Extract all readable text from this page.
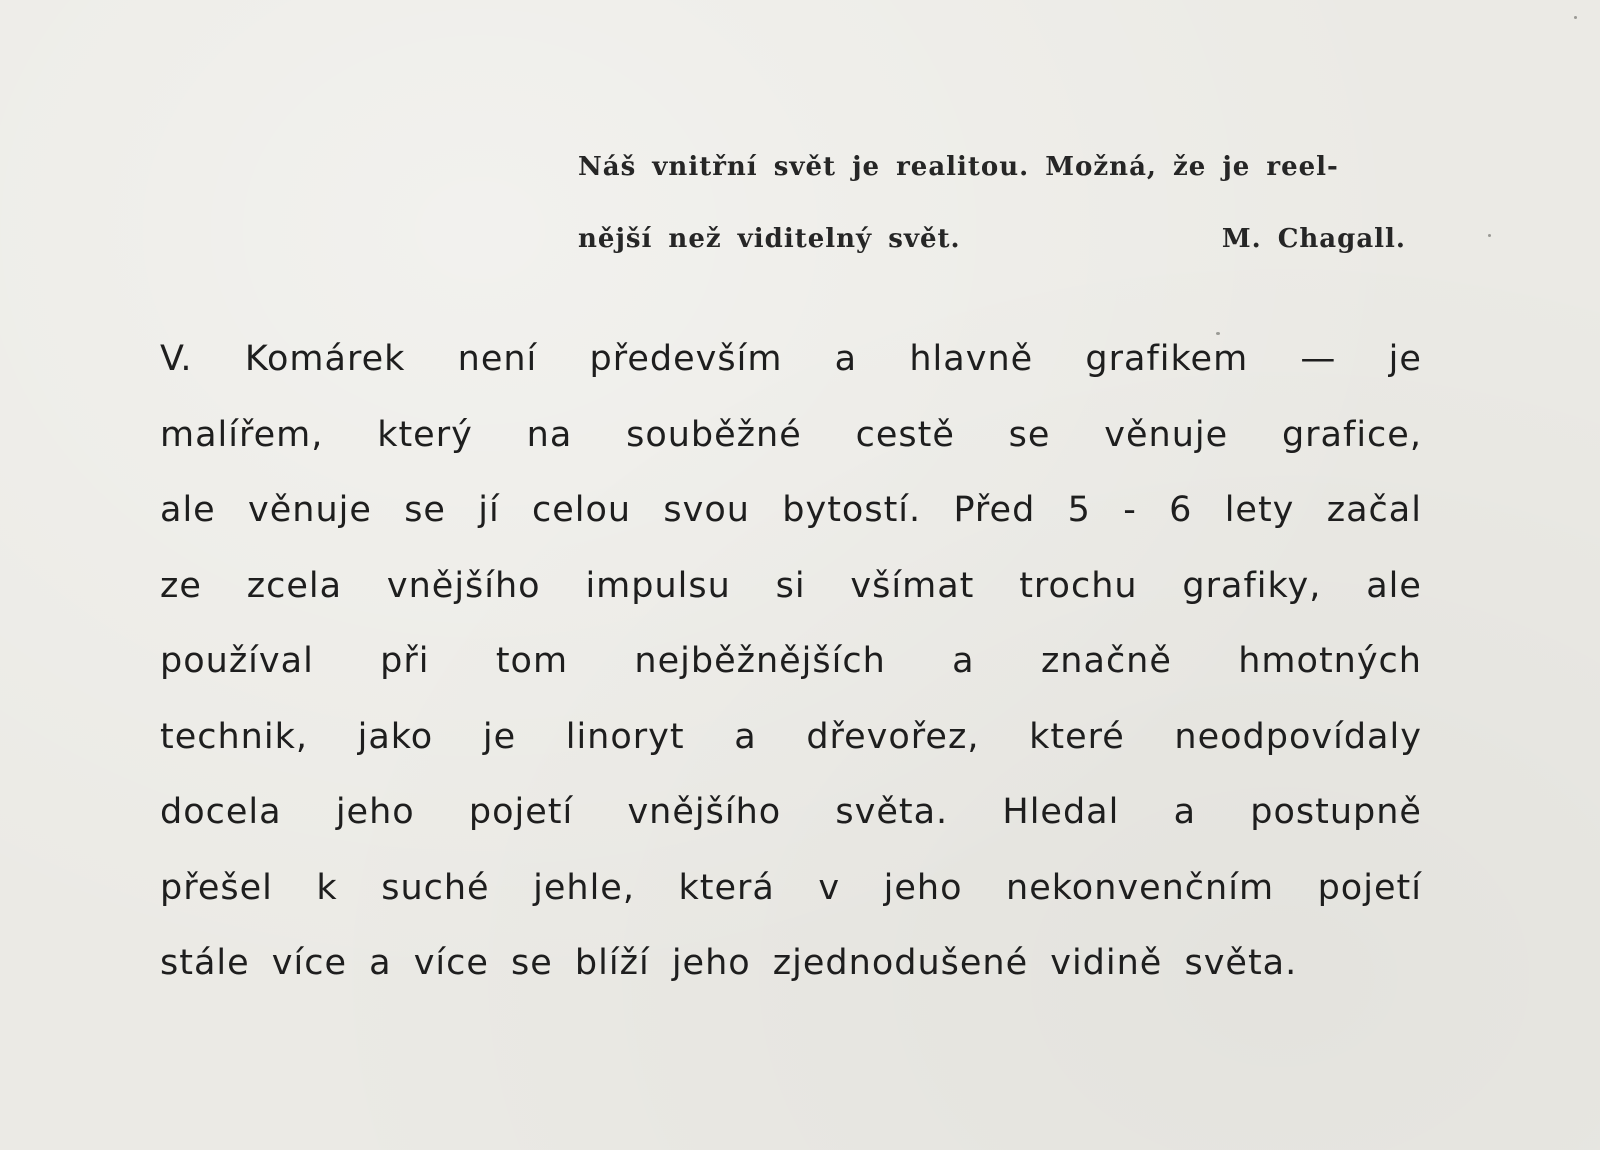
Náš vnitřní svět je realitou. Možná, že je reel-
nější než viditelný svět.	M. Chagall.
V. Komárek není především a hlavně grafikem — je
malířem, který na souběžné cestě se věnuje grafice,
ale věnuje se jí celou svou bytostí. Před 5 - 6 lety začal
ze zcela vnějšího impulsu si všímat trochu grafiky, ale
používal při tom nejběžnějších a značně hmotných
technik, jako je linoryt a dřevořez, které neodpovídaly
docela jeho pojetí vnějšího světa. Hledal a postupně
přešel k suché jehle, která v jeho nekonvenčním pojetí
stále více a více se blíží jeho zjednodušené vidině světa.
